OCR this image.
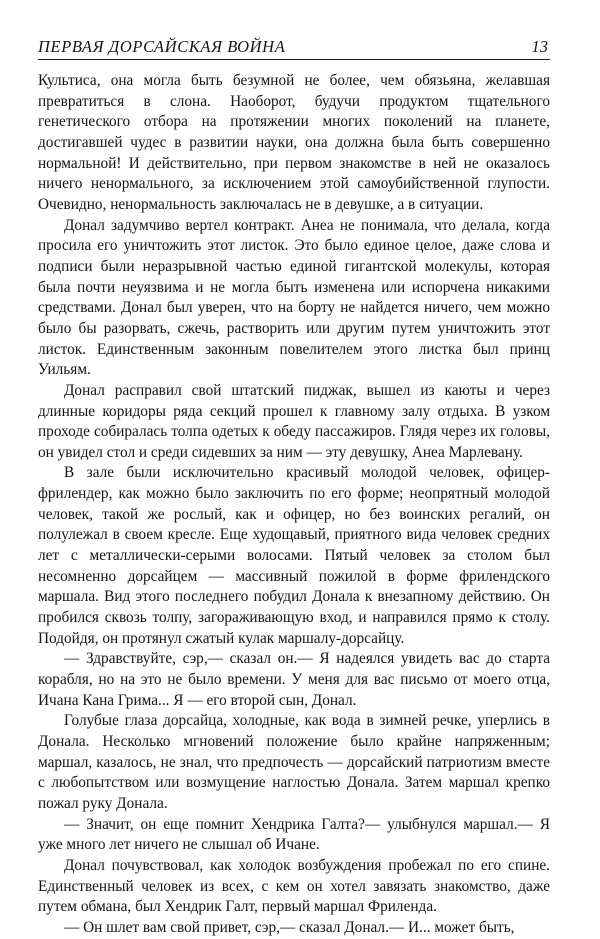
ПЕРВАЯ ДОРСАЙСКАЯ ВОЙНА	13

Культиса, она могла быть безумной не более, чем обязьяна, желавшая превратиться в слона. Наоборот, будучи продуктом тщательного генетического отбора на протяжении многих поколений на планете, достигавшей чудес в развитии науки, она должна была быть совершенно нормальной! И действительно, при первом знакомстве в ней не оказалось ничего ненормального, за исключением этой самоубийственной глупости. Очевидно, ненормальность заключалась не в девушке, а в ситуации.

Донал задумчиво вертел контракт. Анеа не понимала, что делала, когда просила его уничтожить этот листок. Это было единое целое, даже слова и подписи были неразрывной частью единой гигантской молекулы, которая была почти неуязвима и не могла быть изменена или испорчена никакими средствами. Донал был уверен, что на борту не найдется ничего, чем можно было бы разорвать, сжечь, растворить или другим путем уничтожить этот листок. Единственным законным повелителем этого листка был принц Уильям.

Донал расправил свой штатский пиджак, вышел из каюты и через длинные коридоры ряда секций прошел к главному залу отдыха. В узком проходе собиралась толпа одетых к обеду пассажиров. Глядя через их головы, он увидел стол и среди сидевших за ним — эту девушку, Анеа Марлевану.

В зале были исключительно красивый молодой человек, офицер-фрилендер, как можно было заключить по его форме; неопрятный молодой человек, такой же рослый, как и офицер, но без воинских регалий, он полулежал в своем кресле. Еще худощавый, приятного вида человек средних лет с металлически-серыми волосами. Пятый человек за столом был несомненно дорсайцем — массивный пожилой в форме фрилендского маршала. Вид этого последнего побудил Донала к внезапному действию. Он пробился сквозь толпу, загораживающую вход, и направился прямо к столу. Подойдя, он протянул сжатый кулак маршалу-дорсайцу.

— Здравствуйте, сэр,— сказал он.— Я надеялся увидеть вас до старта корабля, но на это не было времени. У меня для вас письмо от моего отца, Ичана Кана Грима... Я — его второй сын, Донал.

Голубые глаза дорсайца, холодные, как вода в зимней речке, уперлись в Донала. Несколько мгновений положение было крайне напряженным; маршал, казалось, не знал, что предпочесть — дорсайский патриотизм вместе с любопытством или возмущение наглостью Донала. Затем маршал крепко пожал руку Донала.

— Значит, он еще помнит Хендрика Галта?— улыбнулся маршал.— Я уже много лет ничего не слышал об Ичане.

Донал почувствовал, как холодок возбуждения пробежал по его спине. Единственный человек из всех, с кем он хотел завязать знакомство, даже путем обмана, был Хендрик Галт, первый маршал Фриленда.

— Он шлет вам свой привет, сэр,— сказал Донал.— И... может быть,
